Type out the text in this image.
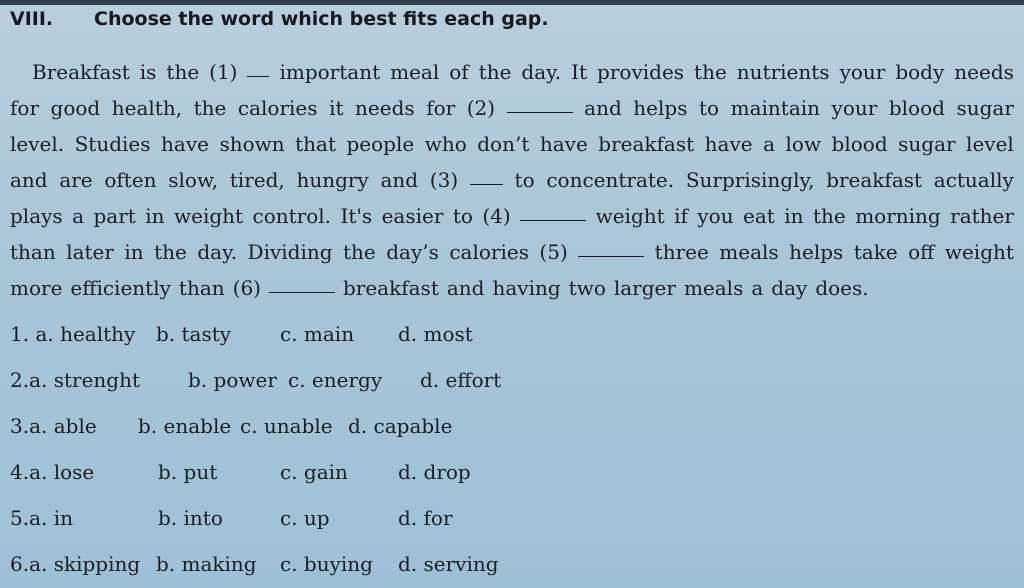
VIII. Choose the word which best fits each gap.
Breakfast is the (1) important meal of the day. It provides the nutrients your body needs
for good health, the calories it needs for (2)	and helps to maintain your blood sugar
level. Studies have shown that people who don’t have breakfast have a low blood sugar level
and are often slow, tired, hungry and (3)	to concentrate. Surprisingly, breakfast actually
plays a part in weight control. It's easier to (4)	weight if you eat in the morning rather
than later in the day. Dividing the day’s calories (5)	three meals helps take off weight
more efficiently than (6)	breakfast and having two larger meals a day does.
1. a. healthy b. tasty c. main d. most
2.a. strenght b. power c. energy d. effort
3.a. able b. enable c. unable d. capable
4.a. lose	b. put	c. gain	d. drop
5.a. in	b. into	c. up	d. for
6.a. skipping b. making c. buying d. serving
